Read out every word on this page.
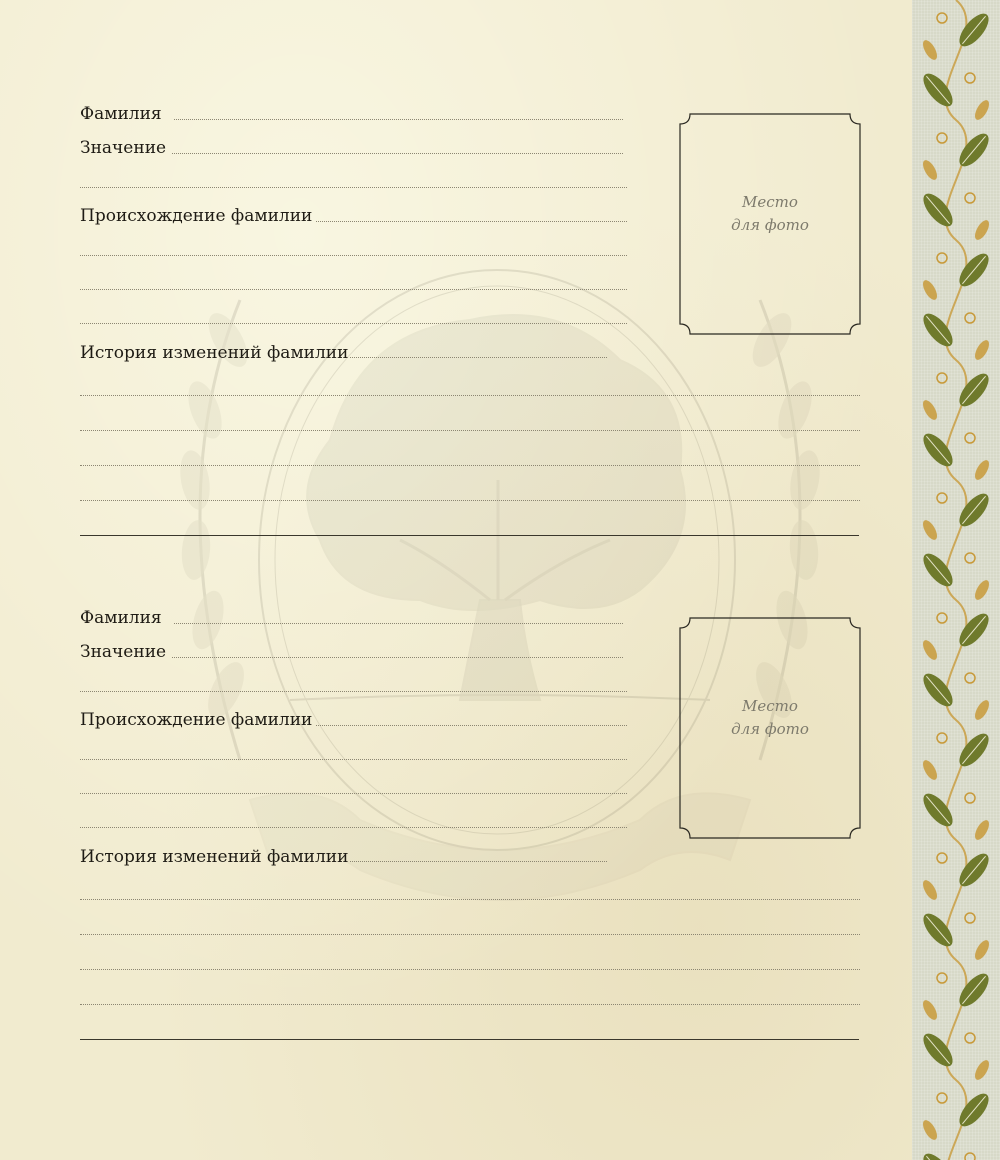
Фамилия
Значение
Происхождение фамилии
История изменений фамилии
Место
для фото
Фамилия
Значение
Происхождение фамилии
История изменений фамилии
Место
для фото
